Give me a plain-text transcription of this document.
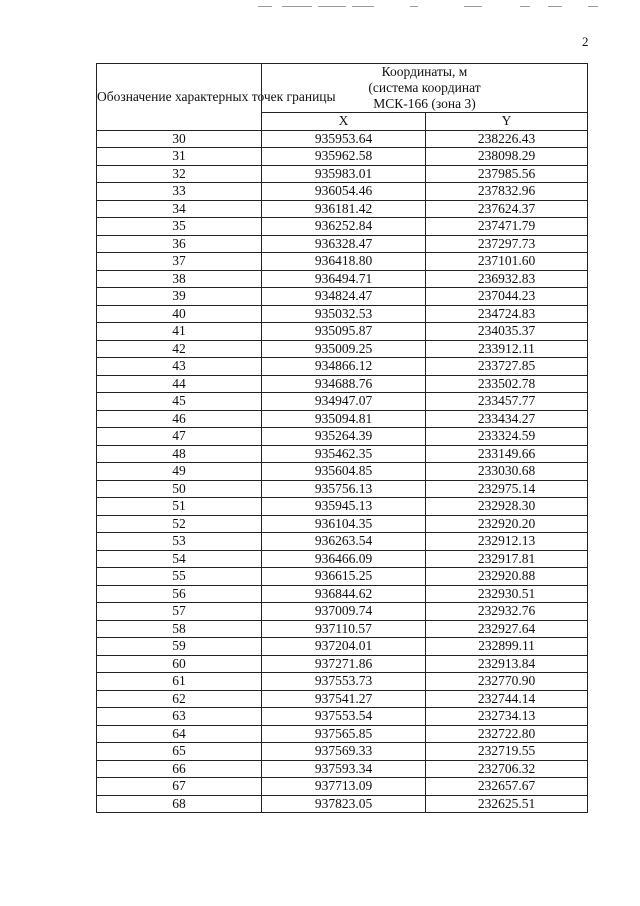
2
Обозначение характерных точек границы	Координаты, м
(система координат
МСК-166 (зона 3)	

	X	Y
30	935953.64	238226.43
31	935962.58	238098.29
32	935983.01	237985.56
33	936054.46	237832.96
34	936181.42	237624.37
35	936252.84	237471.79
36	936328.47	237297.73
37	936418.80	237101.60
38	936494.71	236932.83
39	934824.47	237044.23
40	935032.53	234724.83
41	935095.87	234035.37
42	935009.25	233912.11
43	934866.12	233727.85
44	934688.76	233502.78
45	934947.07	233457.77
46	935094.81	233434.27
47	935264.39	233324.59
48	935462.35	233149.66
49	935604.85	233030.68
50	935756.13	232975.14
51	935945.13	232928.30
52	936104.35	232920.20
53	936263.54	232912.13
54	936466.09	232917.81
55	936615.25	232920.88
56	936844.62	232930.51
57	937009.74	232932.76
58	937110.57	232927.64
59	937204.01	232899.11
60	937271.86	232913.84
61	937553.73	232770.90
62	937541.27	232744.14
63	937553.54	232734.13
64	937565.85	232722.80
65	937569.33	232719.55
66	937593.34	232706.32
67	937713.09	232657.67
68	937823.05	232625.51
